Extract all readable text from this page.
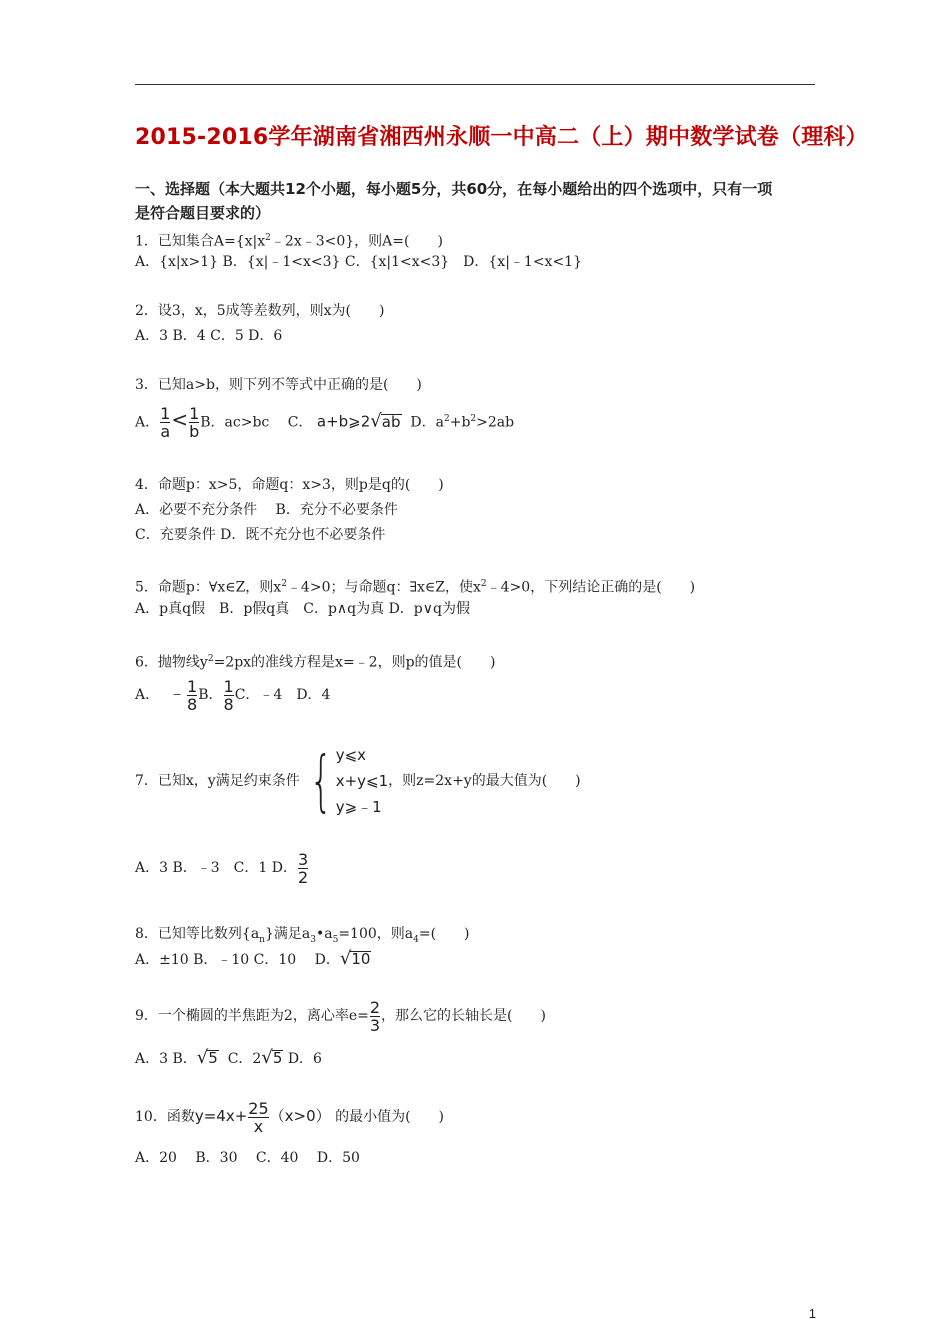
2015-2016学年湖南省湘西州永顺一中高二（上）期中数学试卷（理科）
一、选择题（本大题共12个小题，每小题5分，共60分，在每小题给出的四个选项中，只有一项
是符合题目要求的）
1．已知集合$A=\{x|x^2﹣2x﹣3<0\}$，则A=(　　)
A．{x|x>1} B．{x|﹣1<x<3} C．{x|1<x<3}　D．{x|﹣1<x<1}
2．设3，x，5成等差数列，则x为(　　)
A．3 B．4 C．5 D．6
3．已知a>b，则下列不等式中正确的是(　　)
A． $\frac{1}{a} < \frac{1}{b}$ B．ac>bc　 C． a+b⩾2√ab D．$a^2+b^2>2ab$
4．命题p：x>5，命题q：x>3，则p是q的(　　)
A．必要不充分条件　 B．充分不必要条件
C．充要条件 D．既不充分也不必要条件
5．命题p：∀x∈Z，则$x^2﹣4>0$；与命题q：∃x∈Z，使$x^2﹣4>0$，下列结论正确的是(　　)
A．p真q假　B．p假q真　C．p∧q为真 D．p∨q为假
6．抛物线$y^2=2px$的准线方程是x=﹣2，则p的值是(　　)
A． ﹣ $\frac{1}{8}$ B． $\frac{1}{8}$ C．﹣4　D．4
7．已知x，y满足约束条件 { y⩽x
x+y⩽1
y⩾﹣1
，则z=2x+y的最大值为(　　)
A．3 B．﹣3　C．1 D． $\frac{3}{2}$
8．已知等比数列$\{a_n\}$满足$a_3•a_5=100$，则$a_4=$(　　)
A．±10 B．﹣10 C．10　 D．√10
9．一个椭圆的半焦距为2，离心率$e= \frac{2}{3}$ ，那么它的长轴长是(　　)
A．3 B．√5 C．2√5 D．6
10．函数$y=4x+ \frac{25}{x} (x>0)$ 的最小值为(　　)
A．20　 B．30　 C．40　 D．50
1
